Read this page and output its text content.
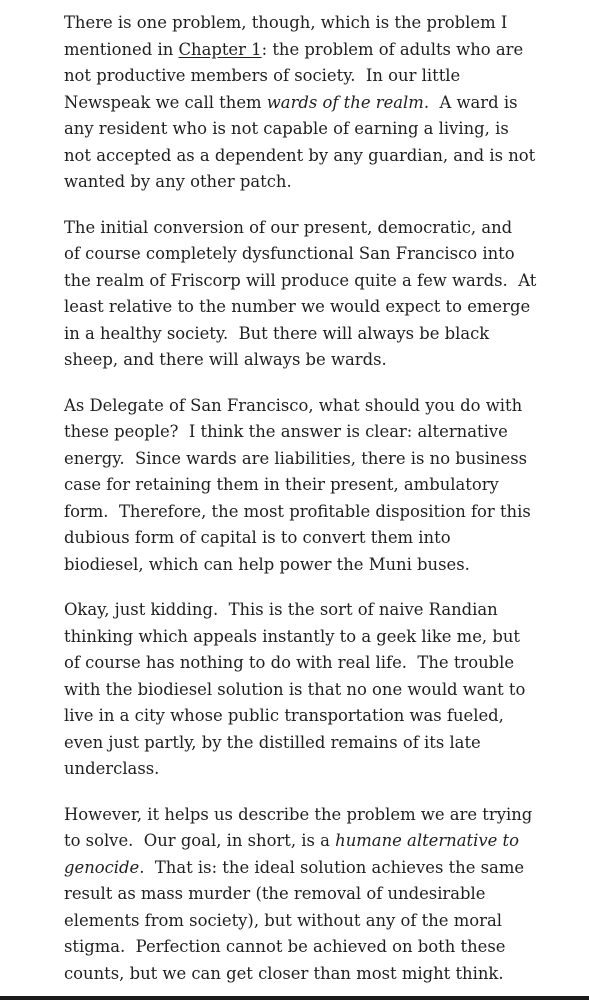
There is one problem, though, which is the problem I
mentioned in Chapter 1: the problem of adults who are
not productive members of society.  In our little
Newspeak we call them wards of the realm.  A ward is
any resident who is not capable of earning a living, is
not accepted as a dependent by any guardian, and is not
wanted by any other patch.

The initial conversion of our present, democratic, and
of course completely dysfunctional San Francisco into
the realm of Friscorp will produce quite a few wards.  At
least relative to the number we would expect to emerge
in a healthy society.  But there will always be black
sheep, and there will always be wards.

As Delegate of San Francisco, what should you do with
these people?  I think the answer is clear: alternative
energy.  Since wards are liabilities, there is no business
case for retaining them in their present, ambulatory
form.  Therefore, the most profitable disposition for this
dubious form of capital is to convert them into
biodiesel, which can help power the Muni buses.

Okay, just kidding.  This is the sort of naive Randian
thinking which appeals instantly to a geek like me, but
of course has nothing to do with real life.  The trouble
with the biodiesel solution is that no one would want to
live in a city whose public transportation was fueled,
even just partly, by the distilled remains of its late
underclass.

However, it helps us describe the problem we are trying
to solve.  Our goal, in short, is a humane alternative to
genocide.  That is: the ideal solution achieves the same
result as mass murder (the removal of undesirable
elements from society), but without any of the moral
stigma.  Perfection cannot be achieved on both these
counts, but we can get closer than most might think.
